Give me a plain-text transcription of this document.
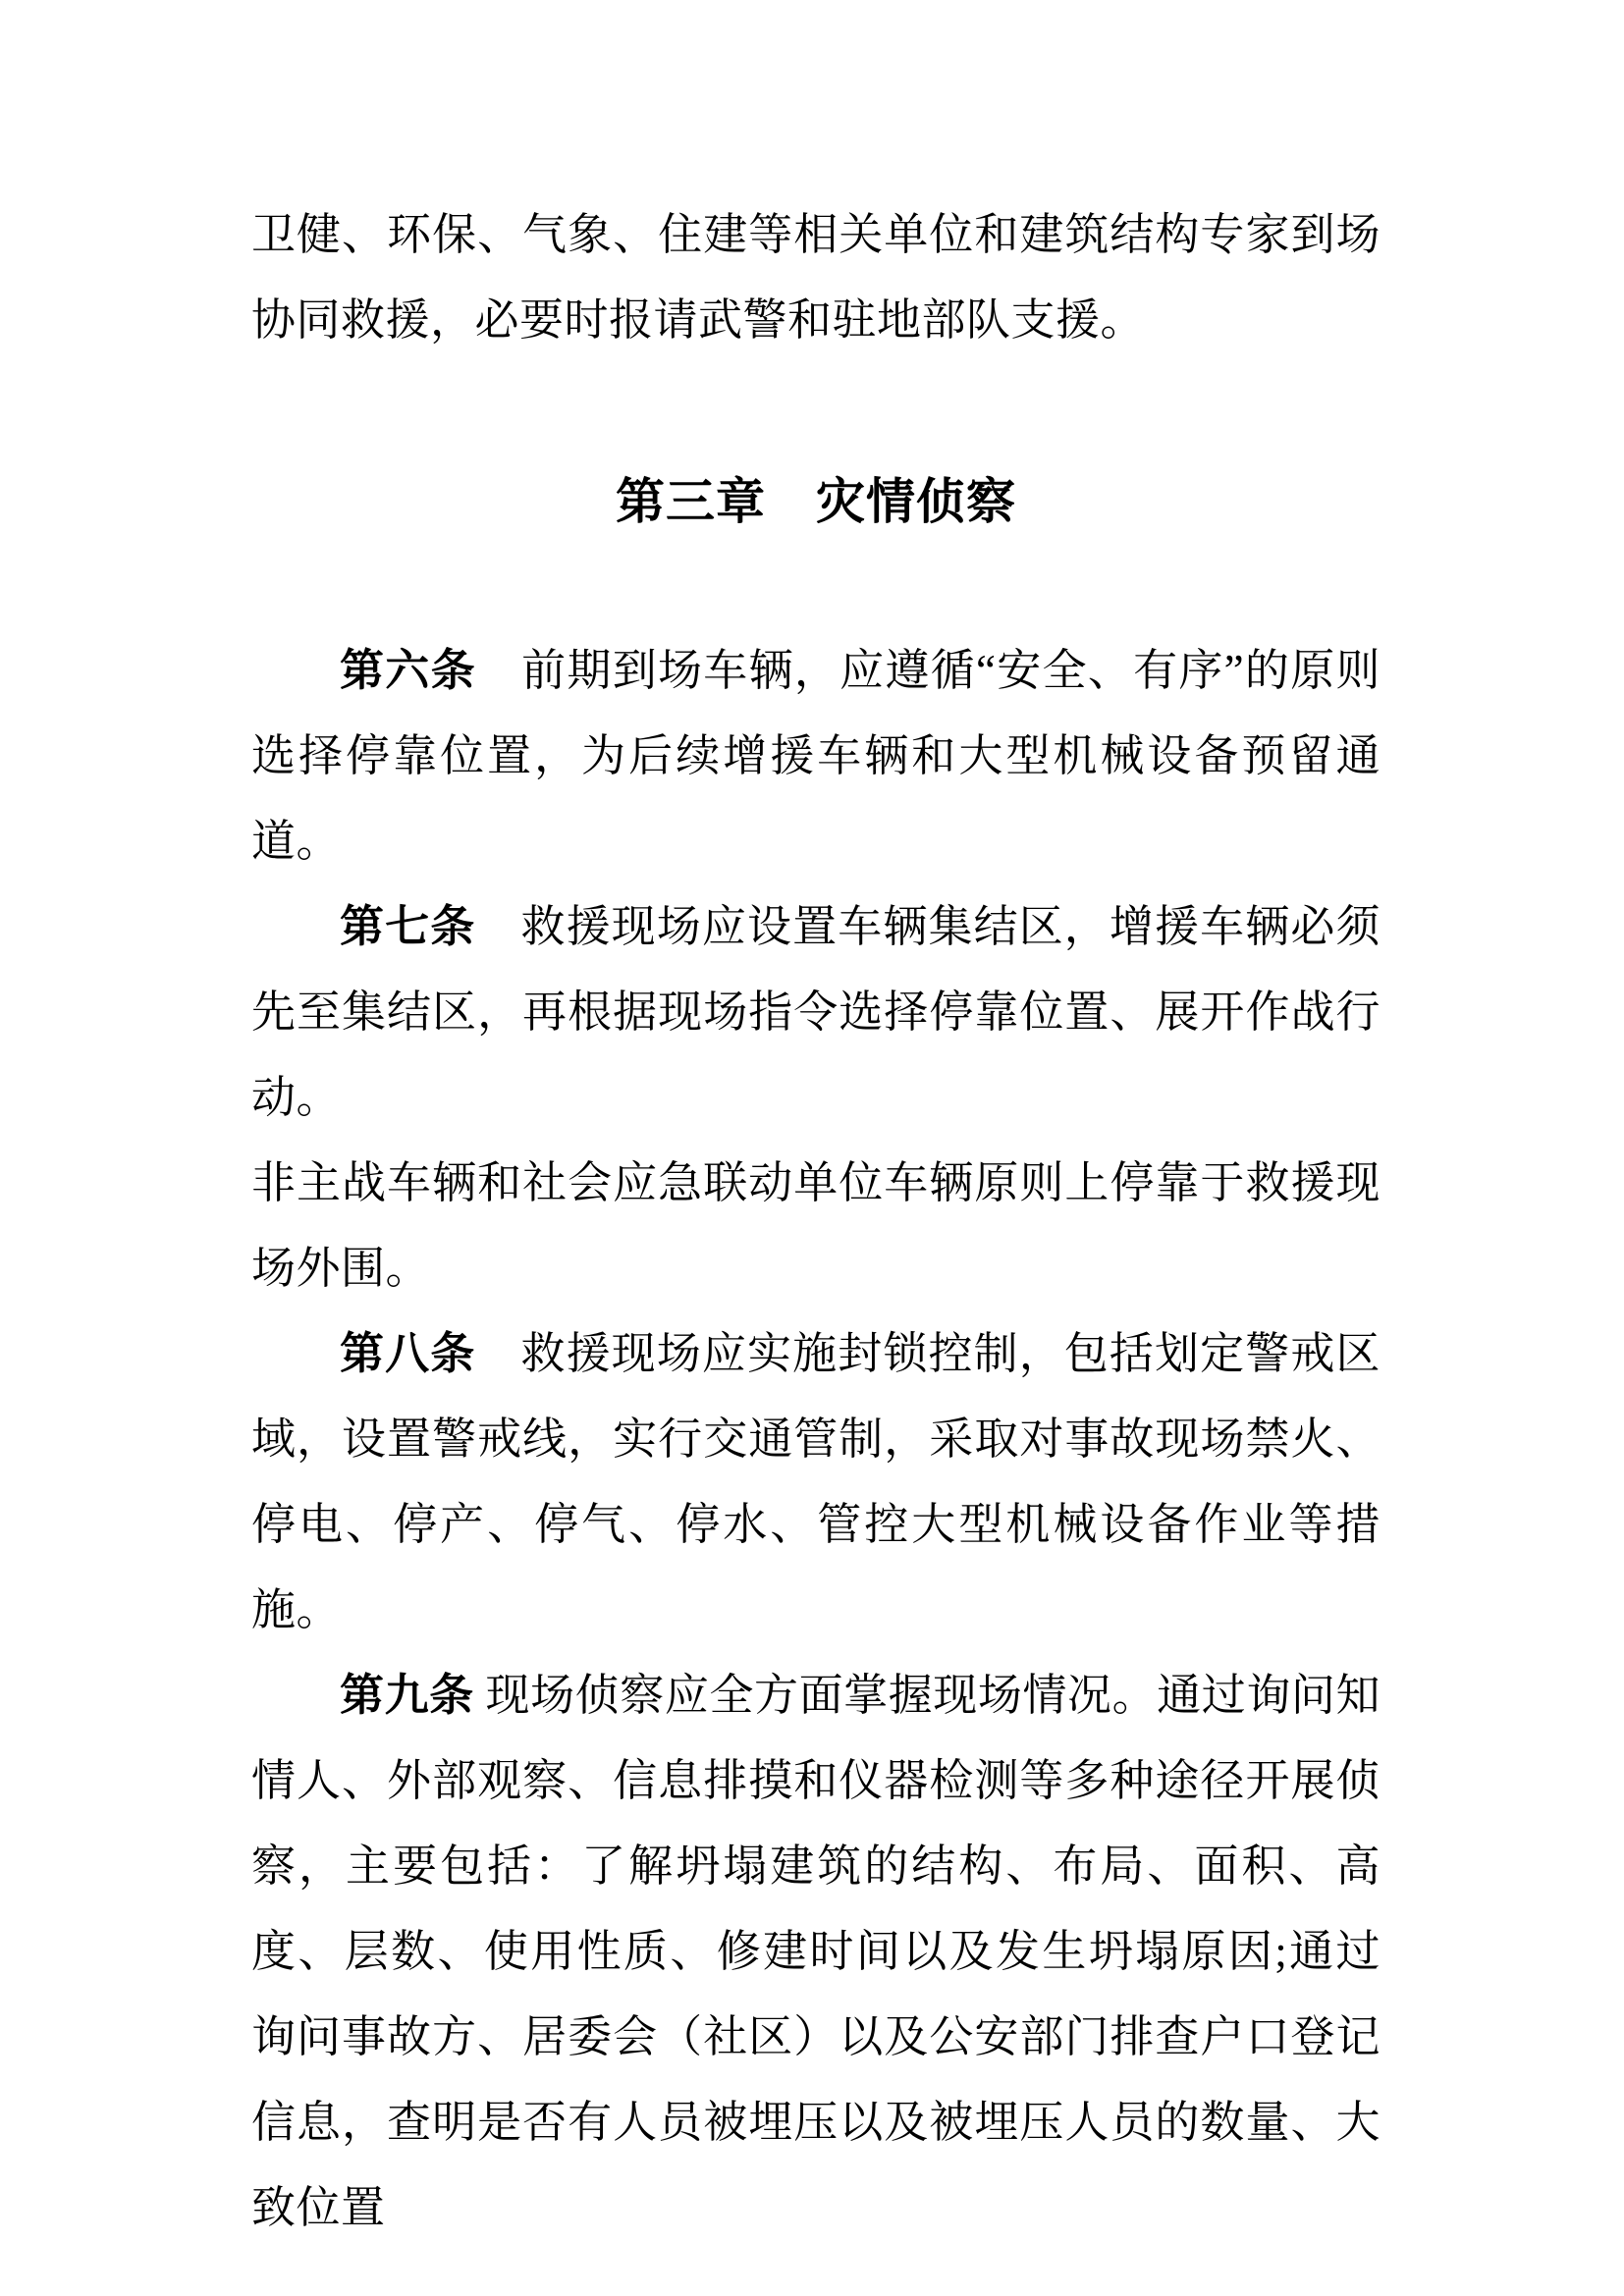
卫健、环保、气象、住建等相关单位和建筑结构专家到场协同救援，必要时报请武警和驻地部队支援。

第三章　灾情侦察

第六条　前期到场车辆，应遵循“安全、有序”的原则选择停靠位置，为后续增援车辆和大型机械设备预留通道。

第七条　救援现场应设置车辆集结区，增援车辆必须先至集结区，再根据现场指令选择停靠位置、展开作战行动。

非主战车辆和社会应急联动单位车辆原则上停靠于救援现场外围。

第八条　救援现场应实施封锁控制，包括划定警戒区域，设置警戒线，实行交通管制，采取对事故现场禁火、停电、停产、停气、停水、管控大型机械设备作业等措施。

第九条 现场侦察应全方面掌握现场情况。通过询问知情人、外部观察、信息排摸和仪器检测等多种途径开展侦察，主要包括：了解坍塌建筑的结构、布局、面积、高度、层数、使用性质、修建时间以及发生坍塌原因;通过询问事故方、居委会（社区）以及公安部门排查户口登记信息，查明是否有人员被埋压以及被埋压人员的数量、大致位置
